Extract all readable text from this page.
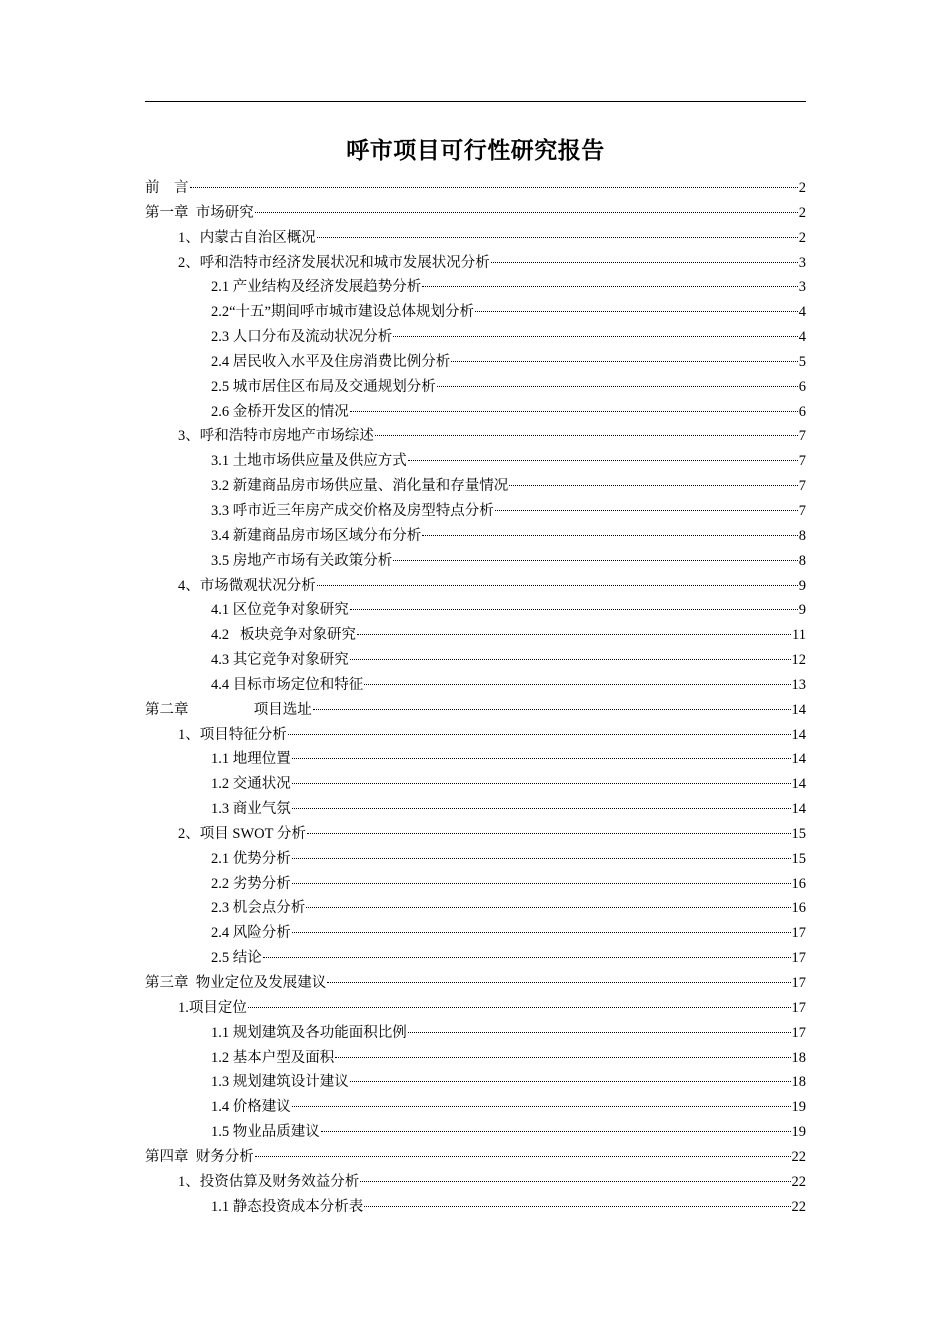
呼市项目可行性研究报告
前　言	2
第一章  市场研究	2
1、内蒙古自治区概况	2
2、呼和浩特市经济发展状况和城市发展状况分析	3
2.1 产业结构及经济发展趋势分析	3
2.2“十五”期间呼市城市建设总体规划分析	4
2.3 人口分布及流动状况分析	4
2.4 居民收入水平及住房消费比例分析	5
2.5 城市居住区布局及交通规划分析	6
2.6 金桥开发区的情况	6
3、呼和浩特市房地产市场综述	7
3.1 土地市场供应量及供应方式	7
3.2 新建商品房市场供应量、消化量和存量情况	7
3.3 呼市近三年房产成交价格及房型特点分析	7
3.4 新建商品房市场区域分布分析	8
3.5 房地产市场有关政策分析	8
4、市场微观状况分析	9
4.1 区位竞争对象研究	9
4.2   板块竞争对象研究	11
4.3 其它竞争对象研究	12
4.4 目标市场定位和特征	13
第二章                  项目选址	14
1、项目特征分析	14
1.1 地理位置	14
1.2 交通状况	14
1.3 商业气氛	14
2、项目 SWOT 分析	15
2.1 优势分析	15
2.2 劣势分析	16
2.3 机会点分析	16
2.4 风险分析	17
2.5 结论	17
第三章  物业定位及发展建议	17
1.项目定位	17
1.1 规划建筑及各功能面积比例	17
1.2 基本户型及面积	18
1.3 规划建筑设计建议	18
1.4 价格建议	19
1.5 物业品质建议	19
第四章  财务分析	22
1、投资估算及财务效益分析	22
1.1 静态投资成本分析表	22
